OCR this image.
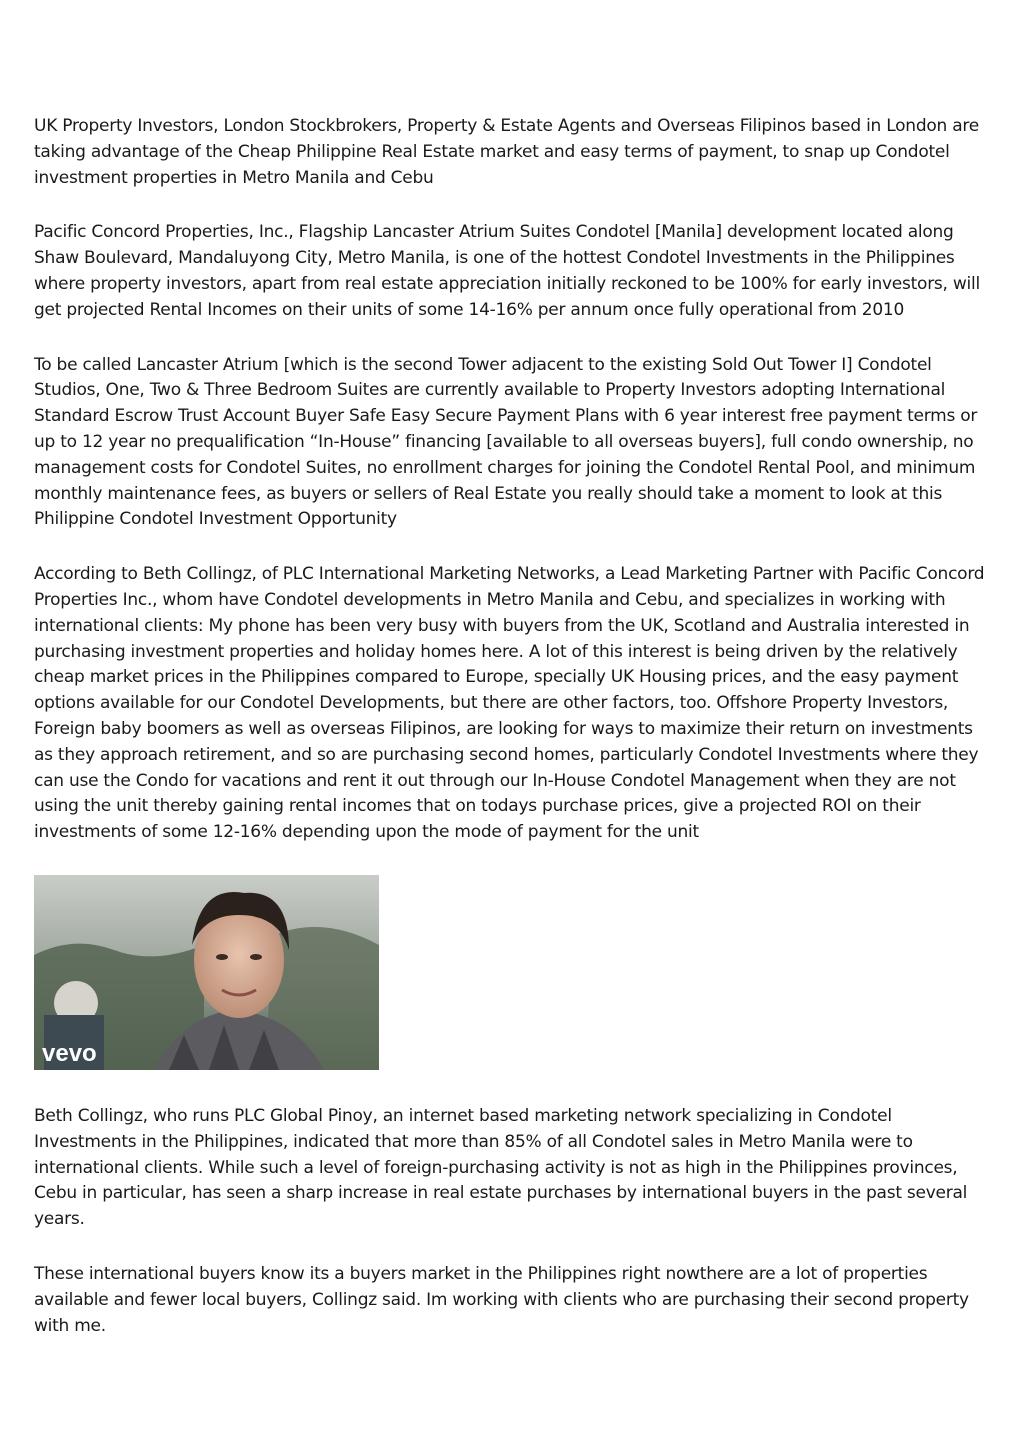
UK Property Investors, London Stockbrokers, Property & Estate Agents and Overseas Filipinos based in London are taking advantage of the Cheap Philippine Real Estate market and easy terms of payment, to snap up Condotel investment properties in Metro Manila and Cebu

Pacific Concord Properties, Inc., Flagship Lancaster Atrium Suites Condotel [Manila] development located along Shaw Boulevard, Mandaluyong City, Metro Manila, is one of the hottest Condotel Investments in the Philippines where property investors, apart from real estate appreciation initially reckoned to be 100% for early investors, will get projected Rental Incomes on their units of some 14-16% per annum once fully operational from 2010

To be called Lancaster Atrium [which is the second Tower adjacent to the existing Sold Out Tower I] Condotel Studios, One, Two & Three Bedroom Suites are currently available to Property Investors adopting International Standard Escrow Trust Account Buyer Safe Easy Secure Payment Plans with 6 year interest free payment terms or up to 12 year no prequalification “In-House” financing [available to all overseas buyers], full condo ownership, no management costs for Condotel Suites, no enrollment charges for joining the Condotel Rental Pool, and minimum monthly maintenance fees, as buyers or sellers of Real Estate you really should take a moment to look at this Philippine Condotel Investment Opportunity

According to Beth Collingz, of PLC International Marketing Networks, a Lead Marketing Partner with Pacific Concord Properties Inc., whom have Condotel developments in Metro Manila and Cebu, and specializes in working with international clients: My phone has been very busy with buyers from the UK, Scotland and Australia interested in purchasing investment properties and holiday homes here. A lot of this interest is being driven by the relatively cheap market prices in the Philippines compared to Europe, specially UK Housing prices, and the easy payment options available for our Condotel Developments, but there are other factors, too. Offshore Property Investors, Foreign baby boomers as well as overseas Filipinos, are looking for ways to maximize their return on investments as they approach retirement, and so are purchasing second homes, particularly Condotel Investments where they can use the Condo for vacations and rent it out through our In-House Condotel Management when they are not using the unit thereby gaining rental incomes that on todays purchase prices, give a projected ROI on their investments of some 12-16% depending upon the mode of payment for the unit

vevo

Beth Collingz, who runs PLC Global Pinoy, an internet based marketing network specializing in Condotel Investments in the Philippines, indicated that more than 85% of all Condotel sales in Metro Manila were to international clients. While such a level of foreign-purchasing activity is not as high in the Philippines provinces, Cebu in particular, has seen a sharp increase in real estate purchases by international buyers in the past several years.

These international buyers know its a buyers market in the Philippines right nowthere are a lot of properties available and fewer local buyers, Collingz said. Im working with clients who are purchasing their second property with me.
